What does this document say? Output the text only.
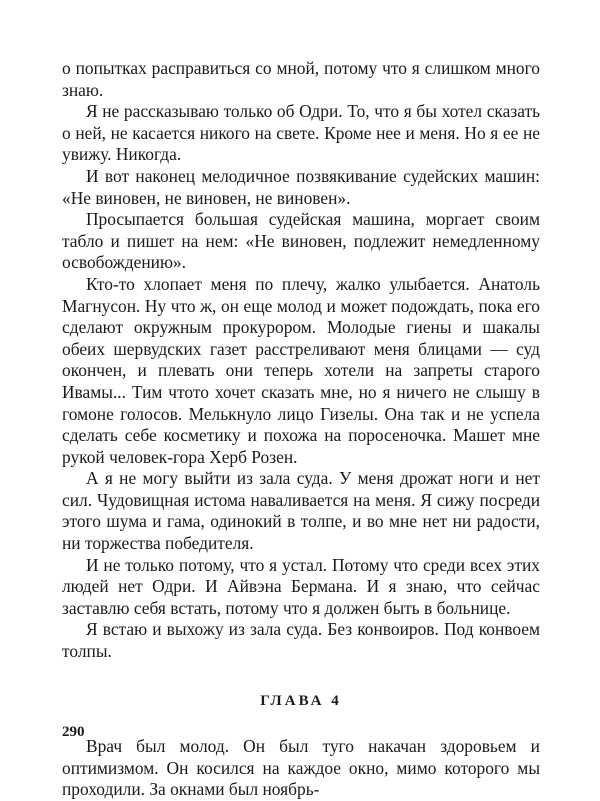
о попытках расправиться со мной, потому что я слишком много знаю.

Я не рассказываю только об Одри. То, что я бы хотел сказать о ней, не касается никого на свете. Кроме нее и меня. Но я ее не увижу. Никогда.

И вот наконец мелодичное позвякивание судейских машин: «Не виновен, не виновен, не виновен».

Просыпается большая судейская машина, моргает своим табло и пишет на нем: «Не виновен, подлежит немедленному освобождению».

Кто-то хлопает меня по плечу, жалко улыбается. Анатоль Магнусон. Ну что ж, он еще молод и может подождать, пока его сделают окружным прокурором. Молодые гиены и шакалы обеих шервудских газет расстреливают меня блицами — суд окончен, и плевать они теперь хотели на запреты старого Ивамы... Тим чтото хочет сказать мне, но я ничего не слышу в гомоне голосов. Мелькнуло лицо Гизелы. Она так и не успела сделать себе косметику и похожа на поросеночка. Машет мне рукой человек-гора Херб Розен.

А я не могу выйти из зала суда. У меня дрожат ноги и нет сил. Чудовищная истома наваливается на меня. Я сижу посреди этого шума и гама, одинокий в толпе, и во мне нет ни радости, ни торжества победителя.

И не только потому, что я устал. Потому что среди всех этих людей нет Одри. И Айвэна Бермана. И я знаю, что сейчас заставлю себя встать, потому что я должен быть в больнице.

Я встаю и выхожу из зала суда. Без конвоиров. Под конвоем толпы.

ГЛАВА 4

Врач был молод. Он был туго накачан здоровьем и оптимизмом. Он косился на каждое окно, мимо которого мы проходили. За окнами был ноябрь-

290
